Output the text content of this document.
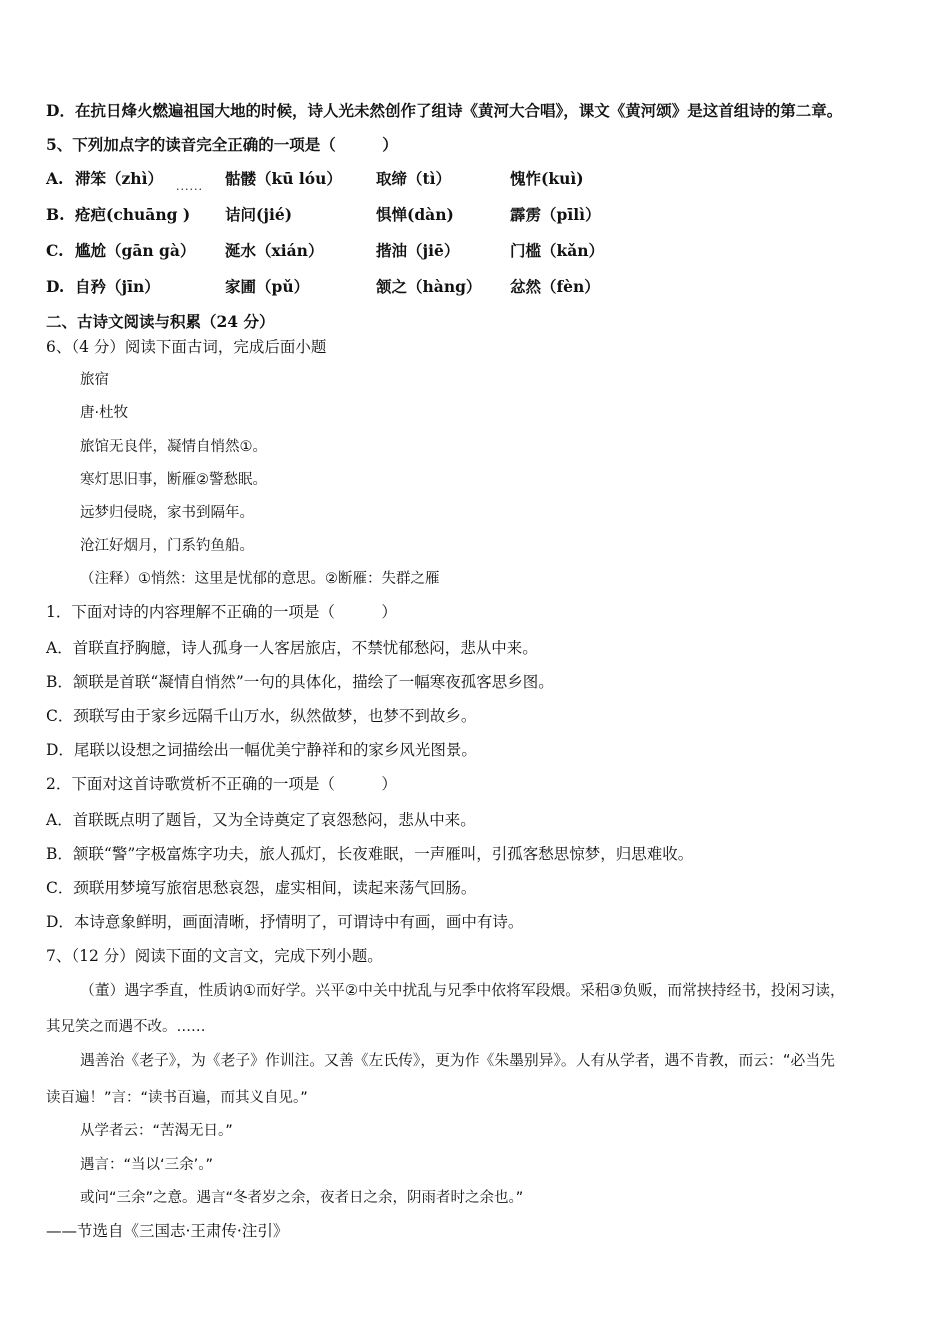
D．在抗日烽火燃遍祖国大地的时候，诗人光未然创作了组诗《黄河大合唱》，课文《黄河颂》是这首组诗的第二章。
5、下列加点字的读音完全正确的一项是（　　　）
A. 滞笨（zhì）	骷髅（kū lóu） 取缔（tì）	愧怍(kuì)
......
B. 疮疤(chuāng ) 诘问(jié)	惧惮(dàn)	霹雳（pīlì）
C. 尴尬（gān gà） 涎水（xián）	揩油（jiē）	门槛（kǎn）
D. 自矜（jīn）	家圃（pǔ）	颔之（hàng） 忿然（fèn）
二、古诗文阅读与积累（24 分）
6、（4 分）阅读下面古词，完成后面小题
旅宿
唐·杜牧
旅馆无良伴，凝情自悄然①。
寒灯思旧事，断雁②警愁眠。
远梦归侵晓，家书到隔年。
沧江好烟月，门系钓鱼船。
（注释）①悄然：这里是忧郁的意思。②断雁：失群之雁
1．下面对诗的内容理解不正确的一项是（　　　）
A．首联直抒胸臆，诗人孤身一人客居旅店，不禁忧郁愁闷，悲从中来。
B．颔联是首联“凝情自悄然”一句的具体化，描绘了一幅寒夜孤客思乡图。
C．颈联写由于家乡远隔千山万水，纵然做梦，也梦不到故乡。
D．尾联以设想之词描绘出一幅优美宁静祥和的家乡风光图景。
2．下面对这首诗歌赏析不正确的一项是（　　　）
A．首联既点明了题旨，又为全诗奠定了哀怨愁闷，悲从中来。
B．颔联“警”字极富炼字功夫，旅人孤灯，长夜难眠，一声雁叫，引孤客愁思惊梦，归思难收。
C．颈联用梦境写旅宿思愁哀怨，虚实相间，读起来荡气回肠。
D．本诗意象鲜明，画面清晰，抒情明了，可谓诗中有画，画中有诗。
7、（12 分）阅读下面的文言文，完成下列小题。
（董）遇字季直，性质讷①而好学。兴平②中关中扰乱与兄季中依将军段煨。采稆③负贩，而常挟持经书，投闲习读，
其兄笑之而遇不改。……
遇善治《老子》，为《老子》作训注。又善《左氏传》，更为作《朱墨别异》。人有从学者，遇不肯教，而云：“必当先
读百遍！”言：“读书百遍，而其义自见。”
从学者云：“苦渴无日。”
遇言：“当以‘三余’。”
或问“三余”之意。遇言“冬者岁之余，夜者日之余，阴雨者时之余也。”
——节选自《三国志·王肃传·注引》
